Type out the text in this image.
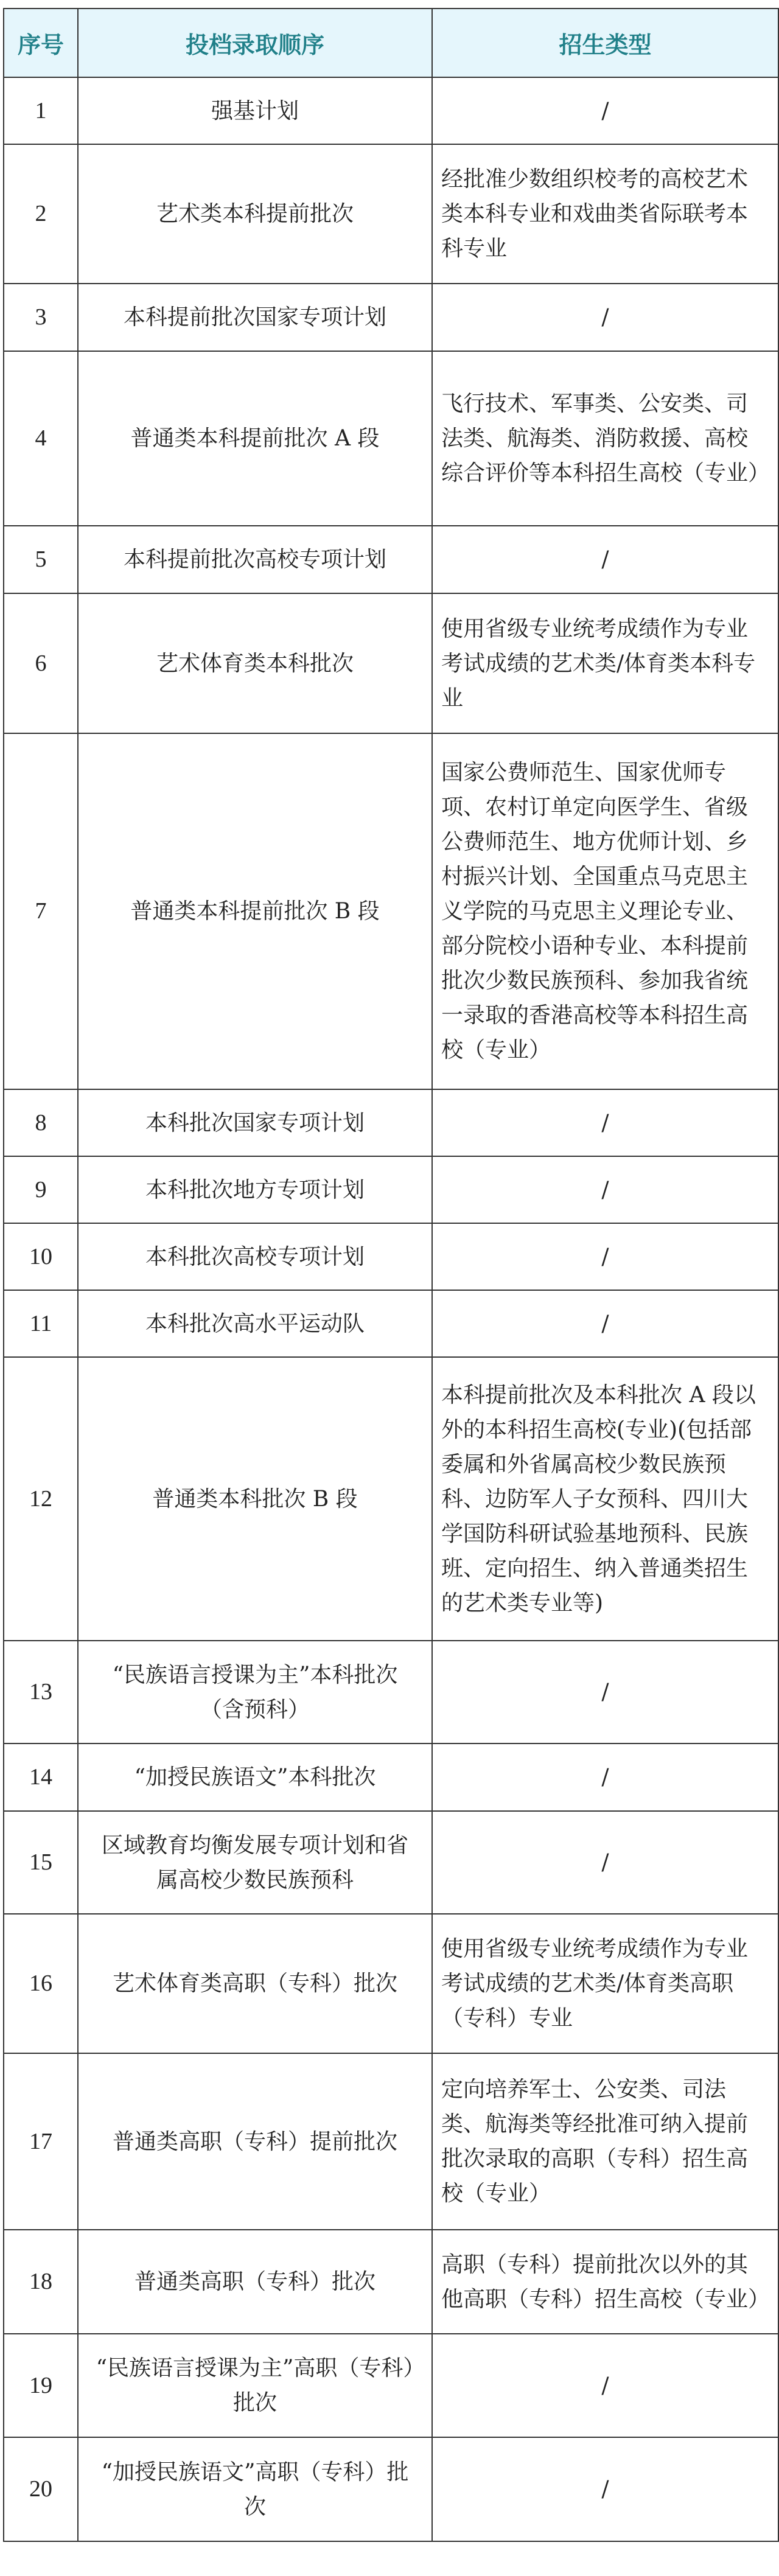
序号	投档录取顺序	招生类型
1	强基计划	/
2	艺术类本科提前批次	经批准少数组织校考的高校艺术类本科专业和戏曲类省际联考本科专业
3	本科提前批次国家专项计划	/
4	普通类本科提前批次 A 段	飞行技术、军事类、公安类、司法类、航海类、消防救援、高校综合评价等本科招生高校（专业）
5	本科提前批次高校专项计划	/
6	艺术体育类本科批次	使用省级专业统考成绩作为专业考试成绩的艺术类/体育类本科专业
7	普通类本科提前批次 B 段	国家公费师范生、国家优师专项、农村订单定向医学生、省级公费师范生、地方优师计划、乡村振兴计划、全国重点马克思主义学院的马克思主义理论专业、部分院校小语种专业、本科提前批次少数民族预科、参加我省统一录取的香港高校等本科招生高校（专业）
8	本科批次国家专项计划	/
9	本科批次地方专项计划	/
10	本科批次高校专项计划	/
11	本科批次高水平运动队	/
12	普通类本科批次 B 段	本科提前批次及本科批次 A 段以外的本科招生高校(专业)(包括部委属和外省属高校少数民族预科、边防军人子女预科、四川大学国防科研试验基地预科、民族班、定向招生、纳入普通类招生的艺术类专业等)
13	“民族语言授课为主”本科批次（含预科）	/
14	“加授民族语文”本科批次	/
15	区域教育均衡发展专项计划和省属高校少数民族预科	/
16	艺术体育类高职（专科）批次	使用省级专业统考成绩作为专业考试成绩的艺术类/体育类高职（专科）专业
17	普通类高职（专科）提前批次	定向培养军士、公安类、司法类、航海类等经批准可纳入提前批次录取的高职（专科）招生高校（专业）
18	普通类高职（专科）批次	高职（专科）提前批次以外的其他高职（专科）招生高校（专业）
19	“民族语言授课为主”高职（专科）批次	/
20	“加授民族语文”高职（专科）批次	/
